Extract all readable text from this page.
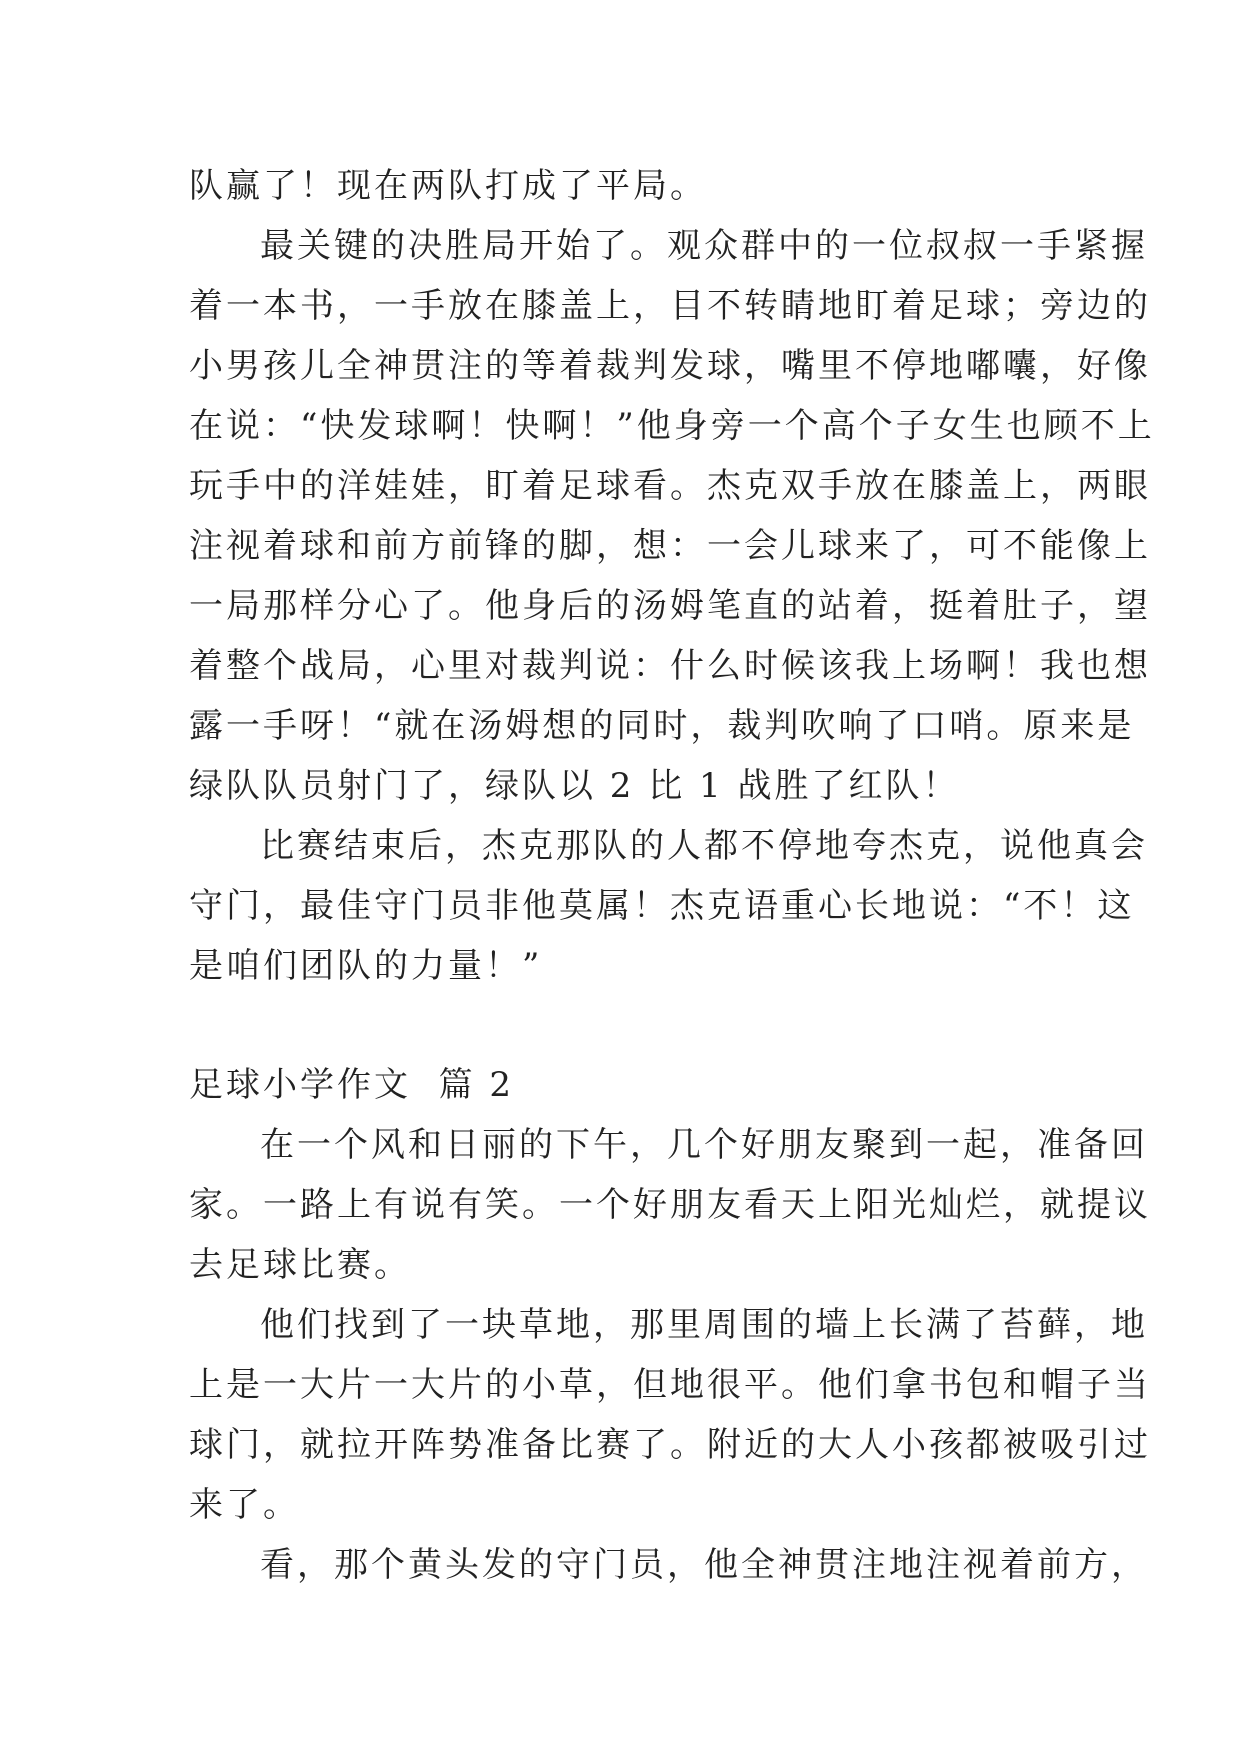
队赢了！现在两队打成了平局。
最关键的决胜局开始了。观众群中的一位叔叔一手紧握
着一本书，一手放在膝盖上，目不转睛地盯着足球；旁边的
小男孩儿全神贯注的等着裁判发球，嘴里不停地嘟囔，好像
在说：“快发球啊！快啊！”他身旁一个高个子女生也顾不上
玩手中的洋娃娃，盯着足球看。杰克双手放在膝盖上，两眼
注视着球和前方前锋的脚，想：一会儿球来了，可不能像上
一局那样分心了。他身后的汤姆笔直的站着，挺着肚子，望
着整个战局，心里对裁判说：什么时候该我上场啊！我也想
露一手呀！“就在汤姆想的同时，裁判吹响了口哨。原来是
绿队队员射门了，绿队以 2 比 1 战胜了红队！
比赛结束后，杰克那队的人都不停地夸杰克，说他真会
守门，最佳守门员非他莫属！杰克语重心长地说：“不！这
是咱们团队的力量！”
足球小学作文  篇 2
在一个风和日丽的下午，几个好朋友聚到一起，准备回
家。一路上有说有笑。一个好朋友看天上阳光灿烂，就提议
去足球比赛。
他们找到了一块草地，那里周围的墙上长满了苔藓，地
上是一大片一大片的小草，但地很平。他们拿书包和帽子当
球门，就拉开阵势准备比赛了。附近的大人小孩都被吸引过
来了。
看，那个黄头发的守门员，他全神贯注地注视着前方，
